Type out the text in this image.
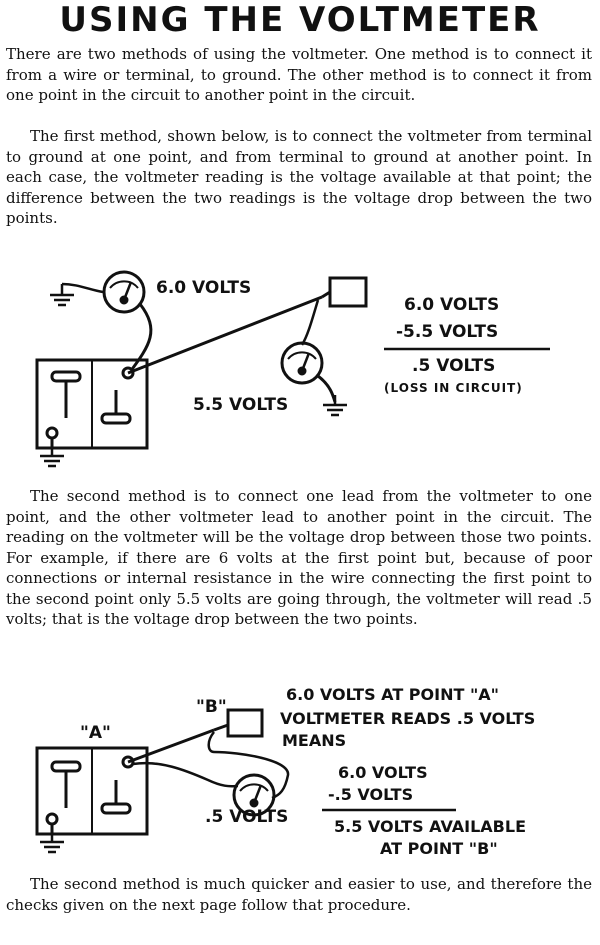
USING THE VOLTMETER

There are two methods of using the voltmeter. One method is to connect it from a wire or terminal, to ground. The other method is to connect it from one point in the circuit to another point in the circuit.

The first method, shown below, is to connect the voltmeter from terminal to ground at one point, and from terminal to ground at another point. In each case, the voltmeter reading is the voltage available at that point; the difference between the two readings is the voltage drop between the two points.

6.0 VOLTS
5.5 VOLTS
6.0 VOLTS
-5.5 VOLTS
.5 VOLTS
(LOSS IN CIRCUIT)

The second method is to connect one lead from the voltmeter to one point, and the other voltmeter lead to another point in the circuit. The reading on the voltmeter will be the voltage drop between those two points. For example, if there are 6 volts at the first point but, because of poor connections or internal resistance in the wire connecting the first point to the second point only 5.5 volts are going through, the voltmeter will read .5 volts; that is the voltage drop between the two points.

"B"
"A"
.5 VOLTS
6.0 VOLTS AT POINT "A"
VOLTMETER READS .5 VOLTS
MEANS
6.0 VOLTS
-.5 VOLTS
5.5 VOLTS AVAILABLE
AT POINT "B"

The second method is much quicker and easier to use, and therefore the checks given on the next page follow that procedure.
